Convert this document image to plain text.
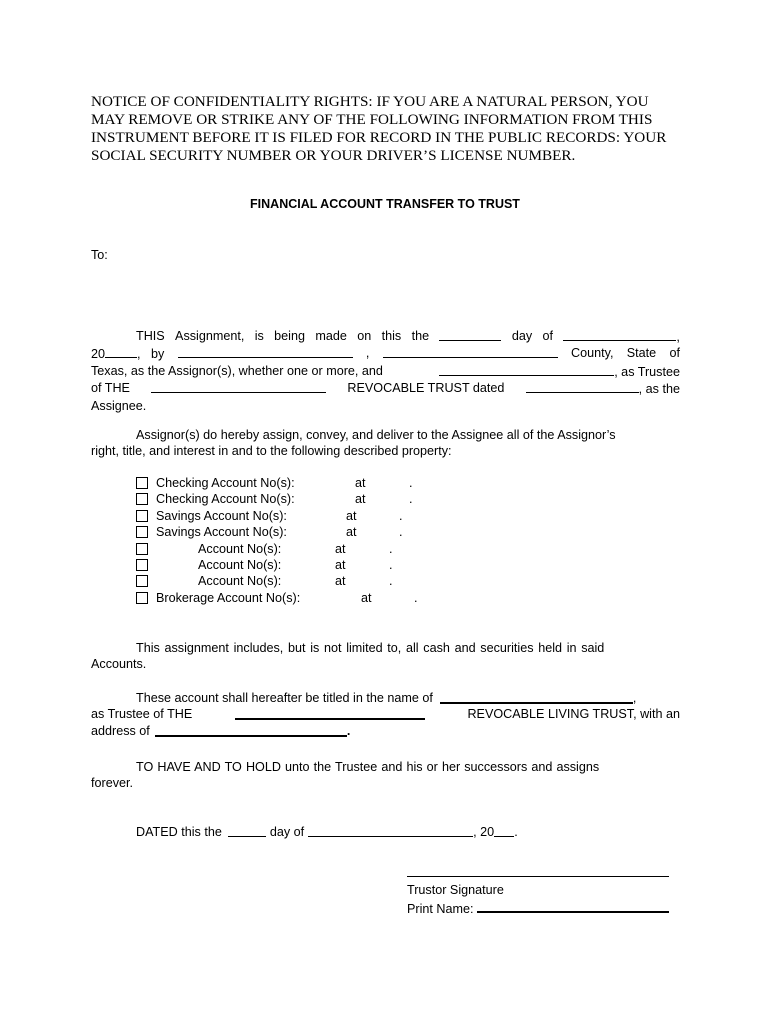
NOTICE OF CONFIDENTIALITY RIGHTS: IF YOU ARE A NATURAL PERSON, YOU
MAY REMOVE OR STRIKE ANY OF THE FOLLOWING INFORMATION FROM THIS
INSTRUMENT BEFORE IT IS FILED FOR RECORD IN THE PUBLIC RECORDS: YOUR
SOCIAL SECURITY NUMBER OR YOUR DRIVER’S LICENSE NUMBER.
FINANCIAL ACCOUNT TRANSFER TO TRUST
To:
THIS Assignment, is being made on this the	day of	,
20	,   by	,	County, State of
Texas, as the Assignor(s), whether one or more, and	, as Trustee
of THE	REVOCABLE TRUST dated	, as the
Assignee.
Assignor(s) do hereby assign, convey, and deliver to the Assignee all of the Assignor’s
right, title, and interest in and to the following described property:
Checking Account No(s):	at	.
Checking Account No(s):	at	.
Savings Account No(s):	at	.
Savings Account No(s):	at	.
Account No(s):	at	.
Account No(s):	at	.
Account No(s):	at	.
Brokerage Account No(s):	at	.
This assignment includes, but is not limited to, all cash and securities held in said
Accounts.
These account shall hereafter be titled in the name of	,
as Trustee of THE	REVOCABLE LIVING TRUST, with an
address of	.
TO HAVE AND TO HOLD unto the Trustee and his or her successors and assigns
forever.
DATED this the	day of	, 20 .
Trustor Signature
Print Name:
